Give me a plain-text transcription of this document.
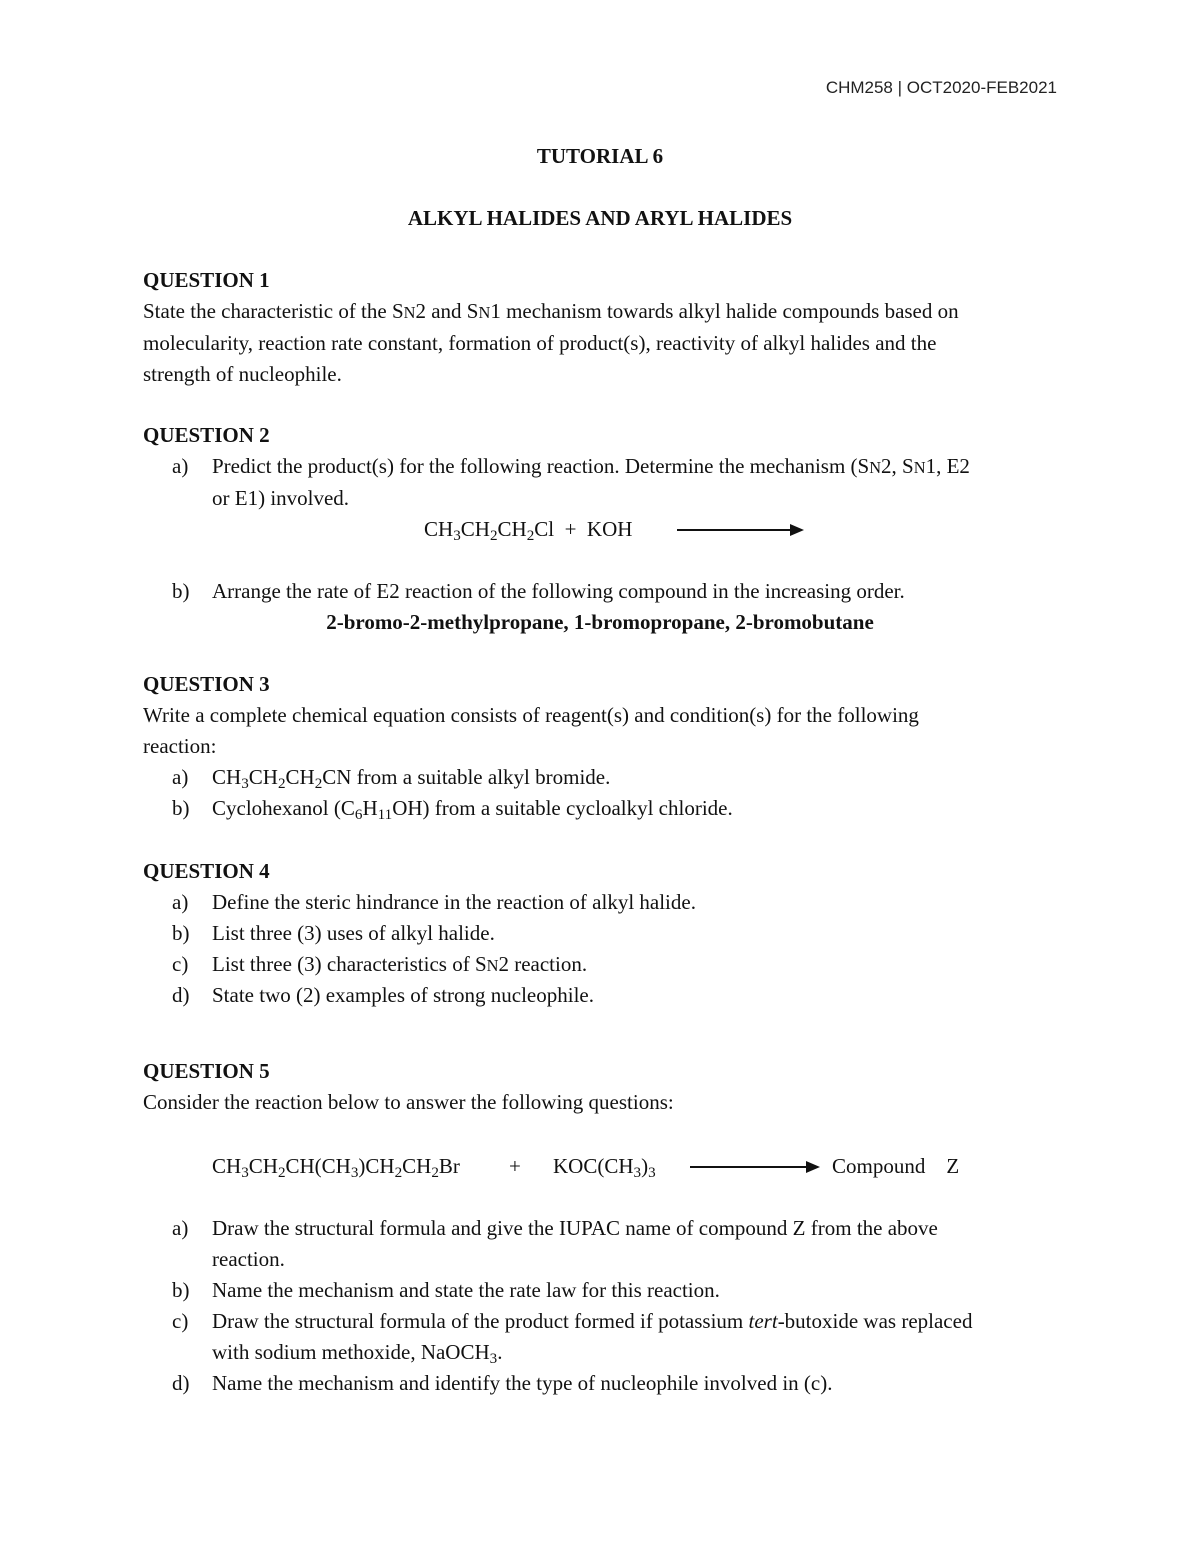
CHM258 | OCT2020-FEB2021
TUTORIAL 6
ALKYL HALIDES AND ARYL HALIDES
QUESTION 1
State the characteristic of the SN2 and SN1 mechanism towards alkyl halide compounds based on
molecularity, reaction rate constant, formation of product(s), reactivity of alkyl halides and the
strength of nucleophile.
QUESTION 2
a) Predict the product(s) for the following reaction. Determine the mechanism (SN2, SN1, E2
or E1) involved.
$CH_3CH_2CH_2Cl$  +  KOH
b) Arrange the rate of E2 reaction of the following compound in the increasing order.
2-bromo-2-methylpropane, 1-bromopropane, 2-bromobutane
QUESTION 3
Write a complete chemical equation consists of reagent(s) and condition(s) for the following
reaction:
a) $CH_3CH_2CH_2CN$ from a suitable alkyl bromide.
b) Cyclohexanol $(C_6H_{11}OH)$ from a suitable cycloalkyl chloride.
QUESTION 4
a) Define the steric hindrance in the reaction of alkyl halide.
b) List three (3) uses of alkyl halide.
c) List three (3) characteristics of SN2 reaction.
d) State two (2) examples of strong nucleophile.
QUESTION 5
Consider the reaction below to answer the following questions:
$CH_3CH_2CH(CH_3)CH_2CH_2Br + KOC(CH_3)_3$	Compound    Z
a) Draw the structural formula and give the IUPAC name of compound Z from the above
reaction.
b) Name the mechanism and state the rate law for this reaction.
c) Draw the structural formula of the product formed if potassium tert-butoxide was replaced
with sodium methoxide, NaOCH$_3$.
d) Name the mechanism and identify the type of nucleophile involved in (c).
